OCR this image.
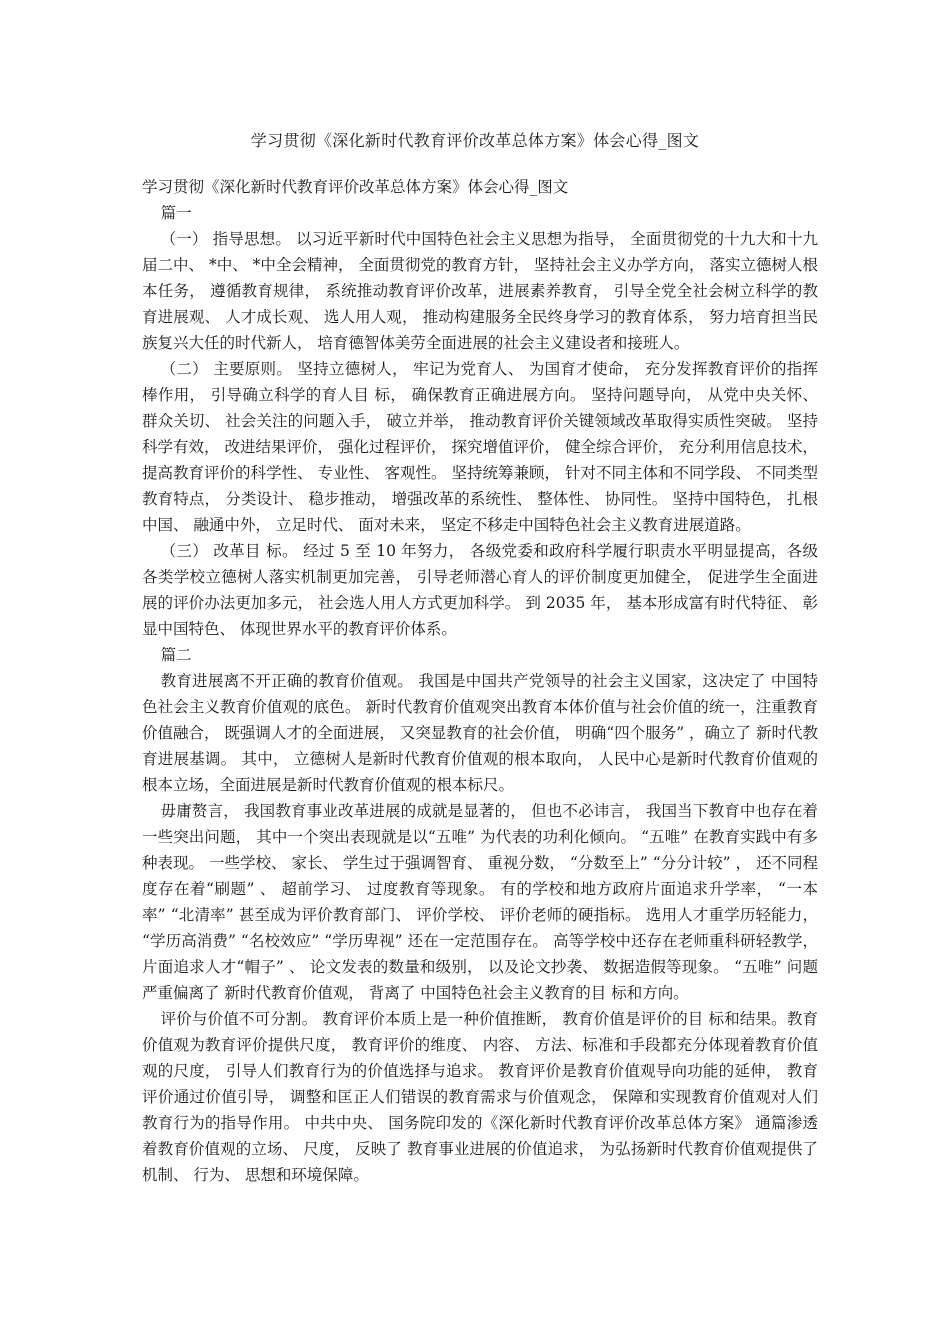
学习贯彻《深化新时代教育评价改革总体方案》体会心得_图文

学习贯彻《深化新时代教育评价改革总体方案》体会心得_图文

篇一

（一） 指导思想。 以习近平新时代中国特色社会主义思想为指导， 全面贯彻党的十九大和十九届二中、 *中、 *中全会精神， 全面贯彻党的教育方针， 坚持社会主义办学方向， 落实立德树人根本任务， 遵循教育规律， 系统推动教育评价改革，进展素养教育， 引导全党全社会树立科学的教育进展观、 人才成长观、 选人用人观， 推动构建服务全民终身学习的教育体系， 努力培育担当民族复兴大任的时代新人， 培育德智体美劳全面进展的社会主义建设者和接班人。

（二） 主要原则。 坚持立德树人， 牢记为党育人、 为国育才使命， 充分发挥教育评价的指挥棒作用， 引导确立科学的育人目 标， 确保教育正确进展方向。 坚持问题导向， 从党中央关怀、 群众关切、 社会关注的问题入手， 破立并举， 推动教育评价关键领域改革取得实质性突破。 坚持科学有效， 改进结果评价， 强化过程评价， 探究增值评价， 健全综合评价， 充分利用信息技术， 提高教育评价的科学性、 专业性、 客观性。 坚持统筹兼顾， 针对不同主体和不同学段、 不同类型教育特点， 分类设计、 稳步推动， 增强改革的系统性、 整体性、 协同性。 坚持中国特色， 扎根中国、 融通中外， 立足时代、 面对未来， 坚定不移走中国特色社会主义教育进展道路。

（三） 改革目 标。 经过 5 至 10 年努力， 各级党委和政府科学履行职责水平明显提高，各级各类学校立德树人落实机制更加完善， 引导老师潜心育人的评价制度更加健全， 促进学生全面进展的评价办法更加多元， 社会选人用人方式更加科学。 到 2035 年， 基本形成富有时代特征、 彰显中国特色、 体现世界水平的教育评价体系。

篇二

教育进展离不开正确的教育价值观。 我国是中国共产党领导的社会主义国家，这决定了 中国特色社会主义教育价值观的底色。 新时代教育价值观突出教育本体价值与社会价值的统一，注重教育价值融合， 既强调人才的全面进展， 又突显教育的社会价值， 明确“四个服务” ，确立了 新时代教育进展基调。 其中， 立德树人是新时代教育价值观的根本取向， 人民中心是新时代教育价值观的根本立场，全面进展是新时代教育价值观的根本标尺。

毋庸赘言， 我国教育事业改革进展的成就是显著的， 但也不必讳言， 我国当下教育中也存在着一些突出问题， 其中一个突出表现就是以“五唯” 为代表的功利化倾向。 “五唯” 在教育实践中有多种表现。 一些学校、 家长、 学生过于强调智育、 重视分数， “分数至上” “分分计较” ， 还不同程度存在着“刷题” 、 超前学习、 过度教育等现象。 有的学校和地方政府片面追求升学率， “一本率” “北清率” 甚至成为评价教育部门、 评价学校、 评价老师的硬指标。 选用人才重学历轻能力， “学历高消费” “名校效应” “学历卑视” 还在一定范围存在。 高等学校中还存在老师重科研轻教学， 片面追求人才“帽子” 、 论文发表的数量和级别， 以及论文抄袭、 数据造假等现象。 “五唯” 问题严重偏离了 新时代教育价值观， 背离了 中国特色社会主义教育的目 标和方向。

评价与价值不可分割。 教育评价本质上是一种价值推断， 教育价值是评价的目 标和结果。教育价值观为教育评价提供尺度， 教育评价的维度、 内容、 方法、标准和手段都充分体现着教育价值观的尺度， 引导人们教育行为的价值选择与追求。 教育评价是教育价值观导向功能的延伸， 教育评价通过价值引导， 调整和匡正人们错误的教育需求与价值观念， 保障和实现教育价值观对人们教育行为的指导作用。 中共中央、 国务院印发的《深化新时代教育评价改革总体方案》 通篇渗透着教育价值观的立场、 尺度， 反映了 教育事业进展的价值追求， 为弘扬新时代教育价值观提供了 机制、 行为、 思想和环境保障。
